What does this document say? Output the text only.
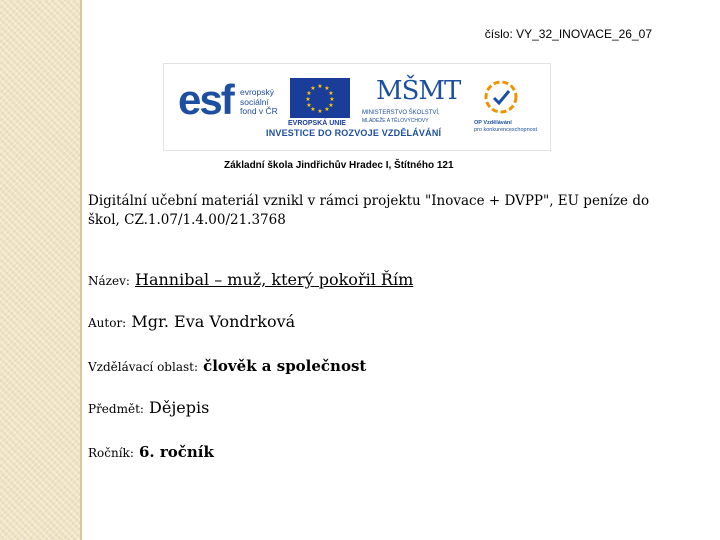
číslo: VY_32_INOVACE_26_07
esf evropský
sociální
fond v ČR
★ ★
★
★
★
★
★
★
★
★
★
★
EVROPSKÁ UNIE
MŠMT
MINISTERSTVO ŠKOLSTVÍ,
MLÁDEŽE A TĚLOVÝCHOVY	OP Vzdělávání
pro konkurenceschopnost
INVESTICE DO ROZVOJE VZDĚLÁVÁNÍ
Základní škola Jindřichův Hradec I, Štítného 121
Digitální učební materiál vznikl v rámci projektu "Inovace + DVPP", EU peníze do škol, CZ.1.07/1.4.00/21.3768
Název: Hannibal – muž, který pokořil Řím
Autor: Mgr. Eva Vondrková
Vzdělávací oblast: člověk a společnost
Předmět: Dějepis
Ročník: 6. ročník
